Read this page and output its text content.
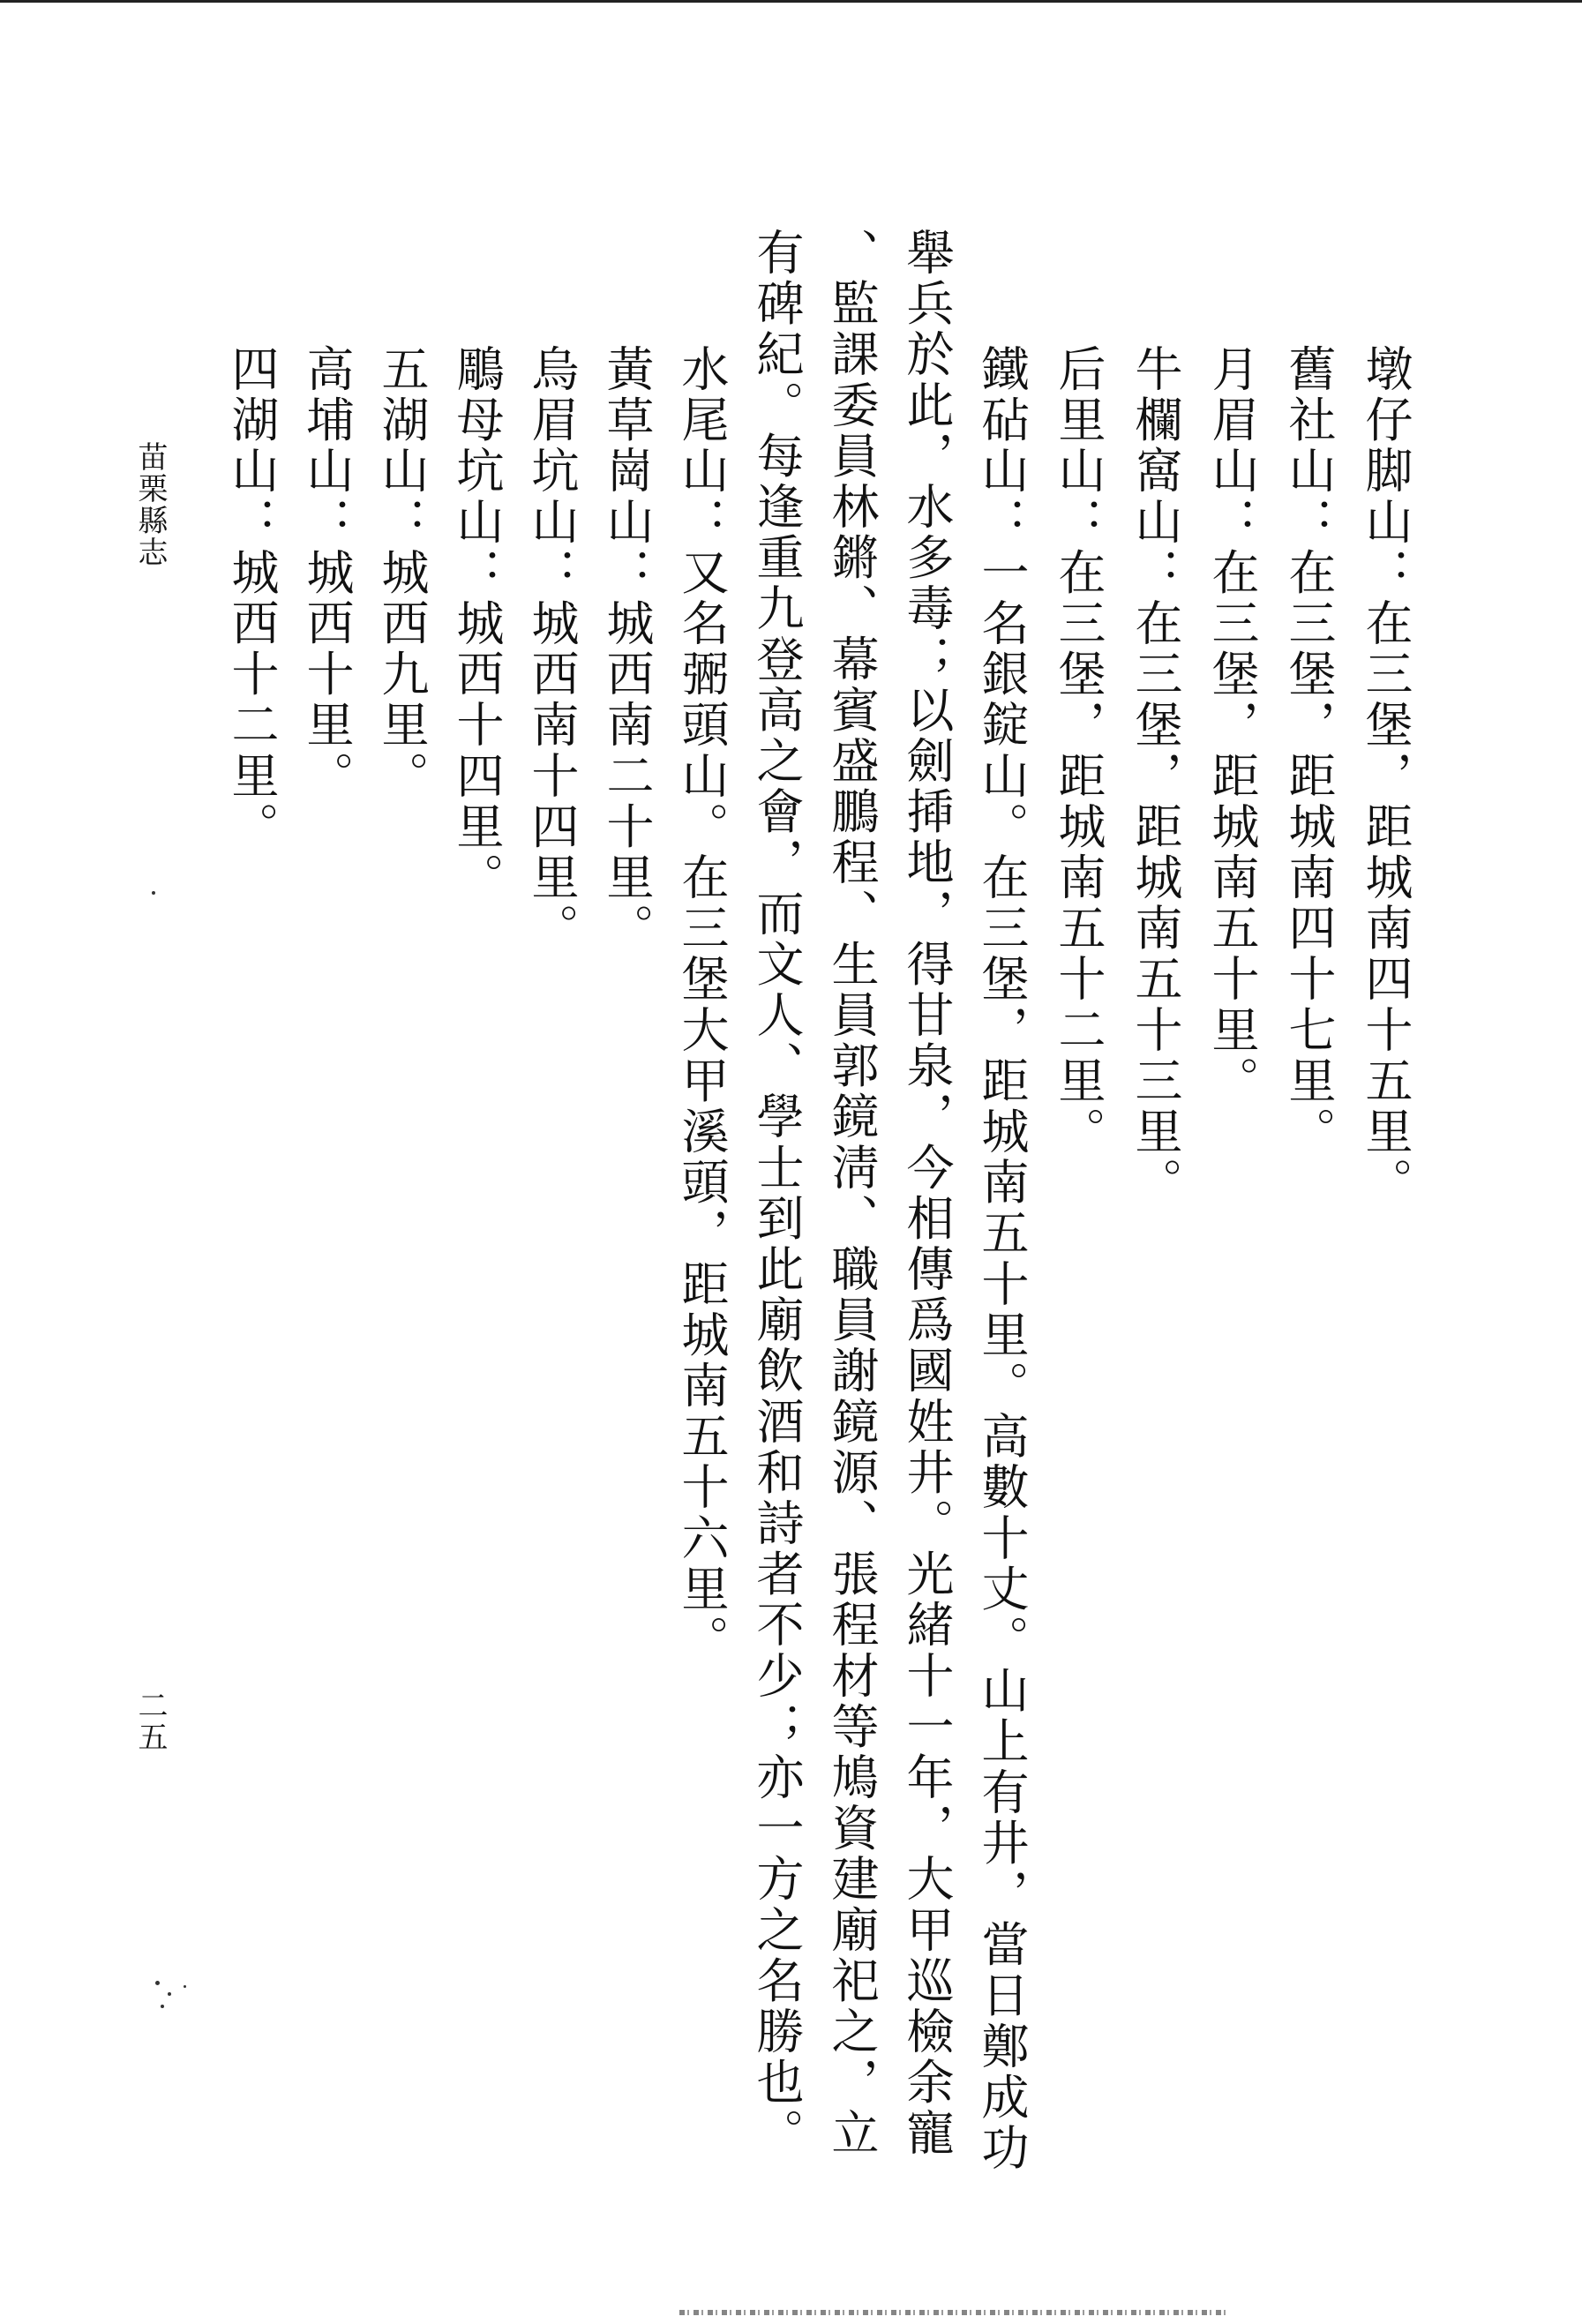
舉兵於此，水多毒；以劍揷地，得甘泉，今相傳爲國姓井。光緒十一年，大甲巡檢余寵

、監課委員林鏘、幕賓盛鵬程、生員郭鏡淸、職員謝鏡源、張程材等鳩資建廟祀之，立

有碑紀。每逢重九登高之會，而文人、學士到此廟飲酒和詩者不少；亦一方之名勝也。	墩仔脚山：在三堡，距城南四十五里。

舊社山：在三堡，距城南四十七里。

月眉山：在三堡，距城南五十里。

牛欄窩山：在三堡，距城南五十三里。

后里山：在三堡，距城南五十二里。

鐵砧山：一名銀錠山。在三堡，距城南五十里。高數十丈。山上有井，當日鄭成功

水尾山：又名弻頭山。在三堡大甲溪頭，距城南五十六里。

黃草崗山：城西南二十里。

烏眉坑山：城西南十四里。

鵰母坑山：城西十四里。

五湖山：城西九里。

高埔山：城西十里。

四湖山：城西十二里。

苗栗縣志

二五
